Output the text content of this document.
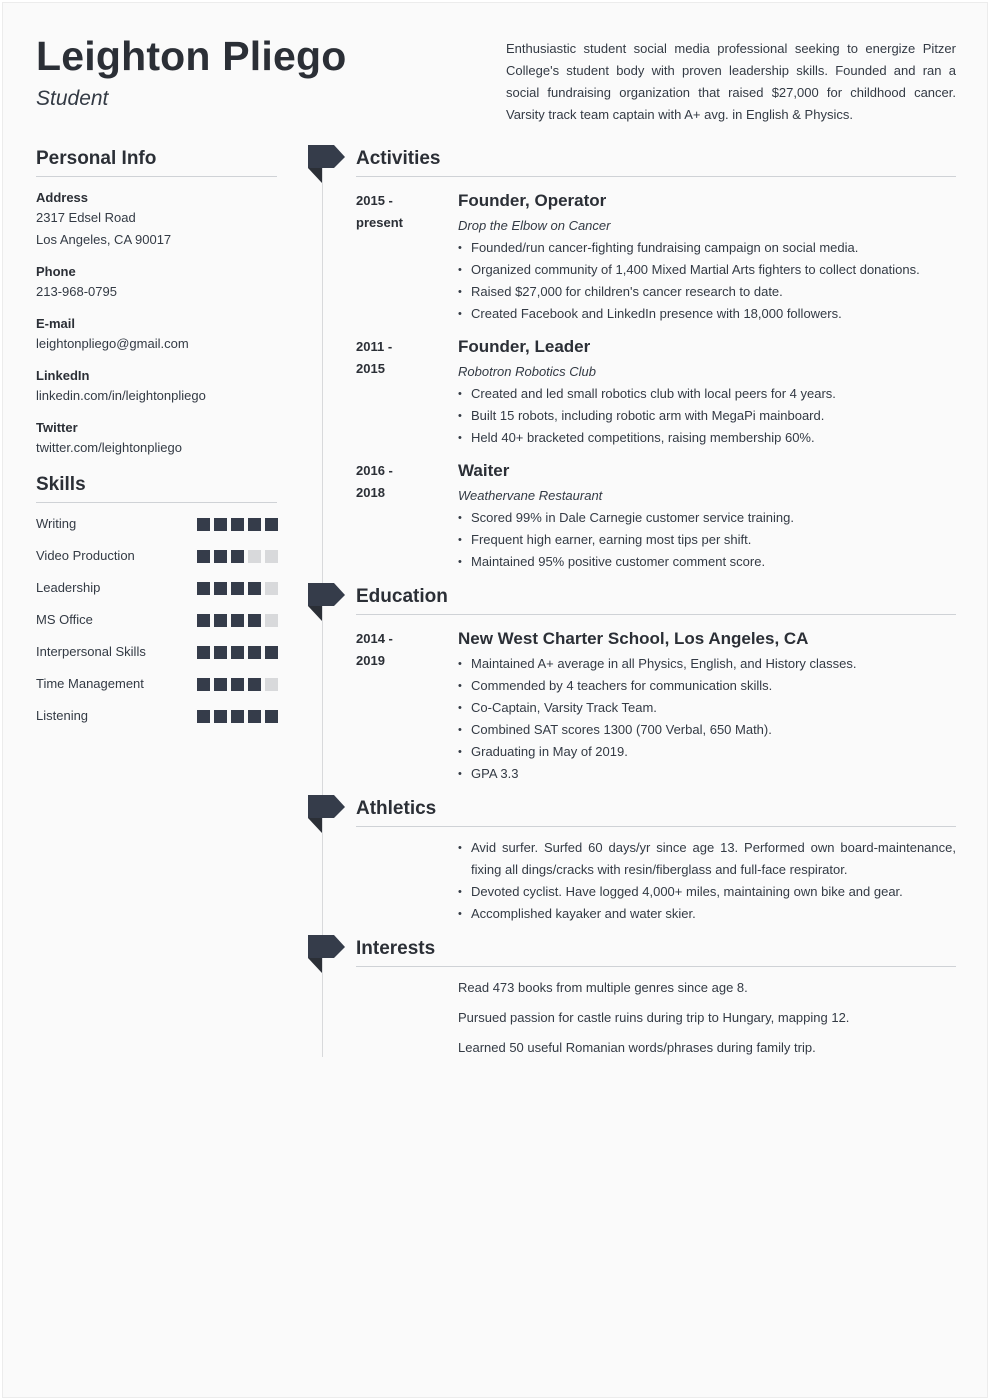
Leighton Pliego
Student
Enthusiastic student social media professional seeking to energize Pitzer College's student body with proven leadership skills. Founded and ran a social fundraising organization that raised $27,000 for childhood cancer. Varsity track team captain with A+ avg. in English & Physics.
Personal Info
Address
2317 Edsel Road
Los Angeles, CA 90017
Phone
213-968-0795
E-mail
leightonpliego@gmail.com
LinkedIn
linkedin.com/in/leightonpliego
Twitter
twitter.com/leightonpliego
Skills
Activities
2015 -
present
Founder, Operator
Drop the Elbow on Cancer
• Founded/run cancer-fighting fundraising campaign on social media.
• Organized community of 1,400 Mixed Martial Arts fighters to collect donations.
• Raised $27,000 for children's cancer research to date.
• Created Facebook and LinkedIn presence with 18,000 followers.
2011 -
2015
Founder, Leader
Robotron Robotics Club
• Created and led small robotics club with local peers for 4 years.
• Built 15 robots, including robotic arm with MegaPi mainboard.
• Held 40+ bracketed competitions, raising membership 60%.
2016 -
2018
Waiter
Weathervane Restaurant
• Scored 99% in Dale Carnegie customer service training.
• Frequent high earner, earning most tips per shift.
• Maintained 95% positive customer comment score.
Education
2014 -
2019
New West Charter School, Los Angeles, CA
• Maintained A+ average in all Physics, English, and History classes.
• Commended by 4 teachers for communication skills.
• Co-Captain, Varsity Track Team.
• Combined SAT scores 1300 (700 Verbal, 650 Math).
• Graduating in May of 2019.
• GPA 3.3
Athletics
• Avid surfer. Surfed 60 days/yr since age 13. Performed own board-maintenance, fixing all dings/cracks with resin/fiberglass and full-face respirator.
• Devoted cyclist. Have logged 4,000+ miles, maintaining own bike and gear.
• Accomplished kayaker and water skier.
Interests
Read 473 books from multiple genres since age 8.
Pursued passion for castle ruins during trip to Hungary, mapping 12.
Learned 50 useful Romanian words/phrases during family trip.
Writing
Video Production
Leadership
MS Office
Interpersonal Skills
Time Management
Listening
